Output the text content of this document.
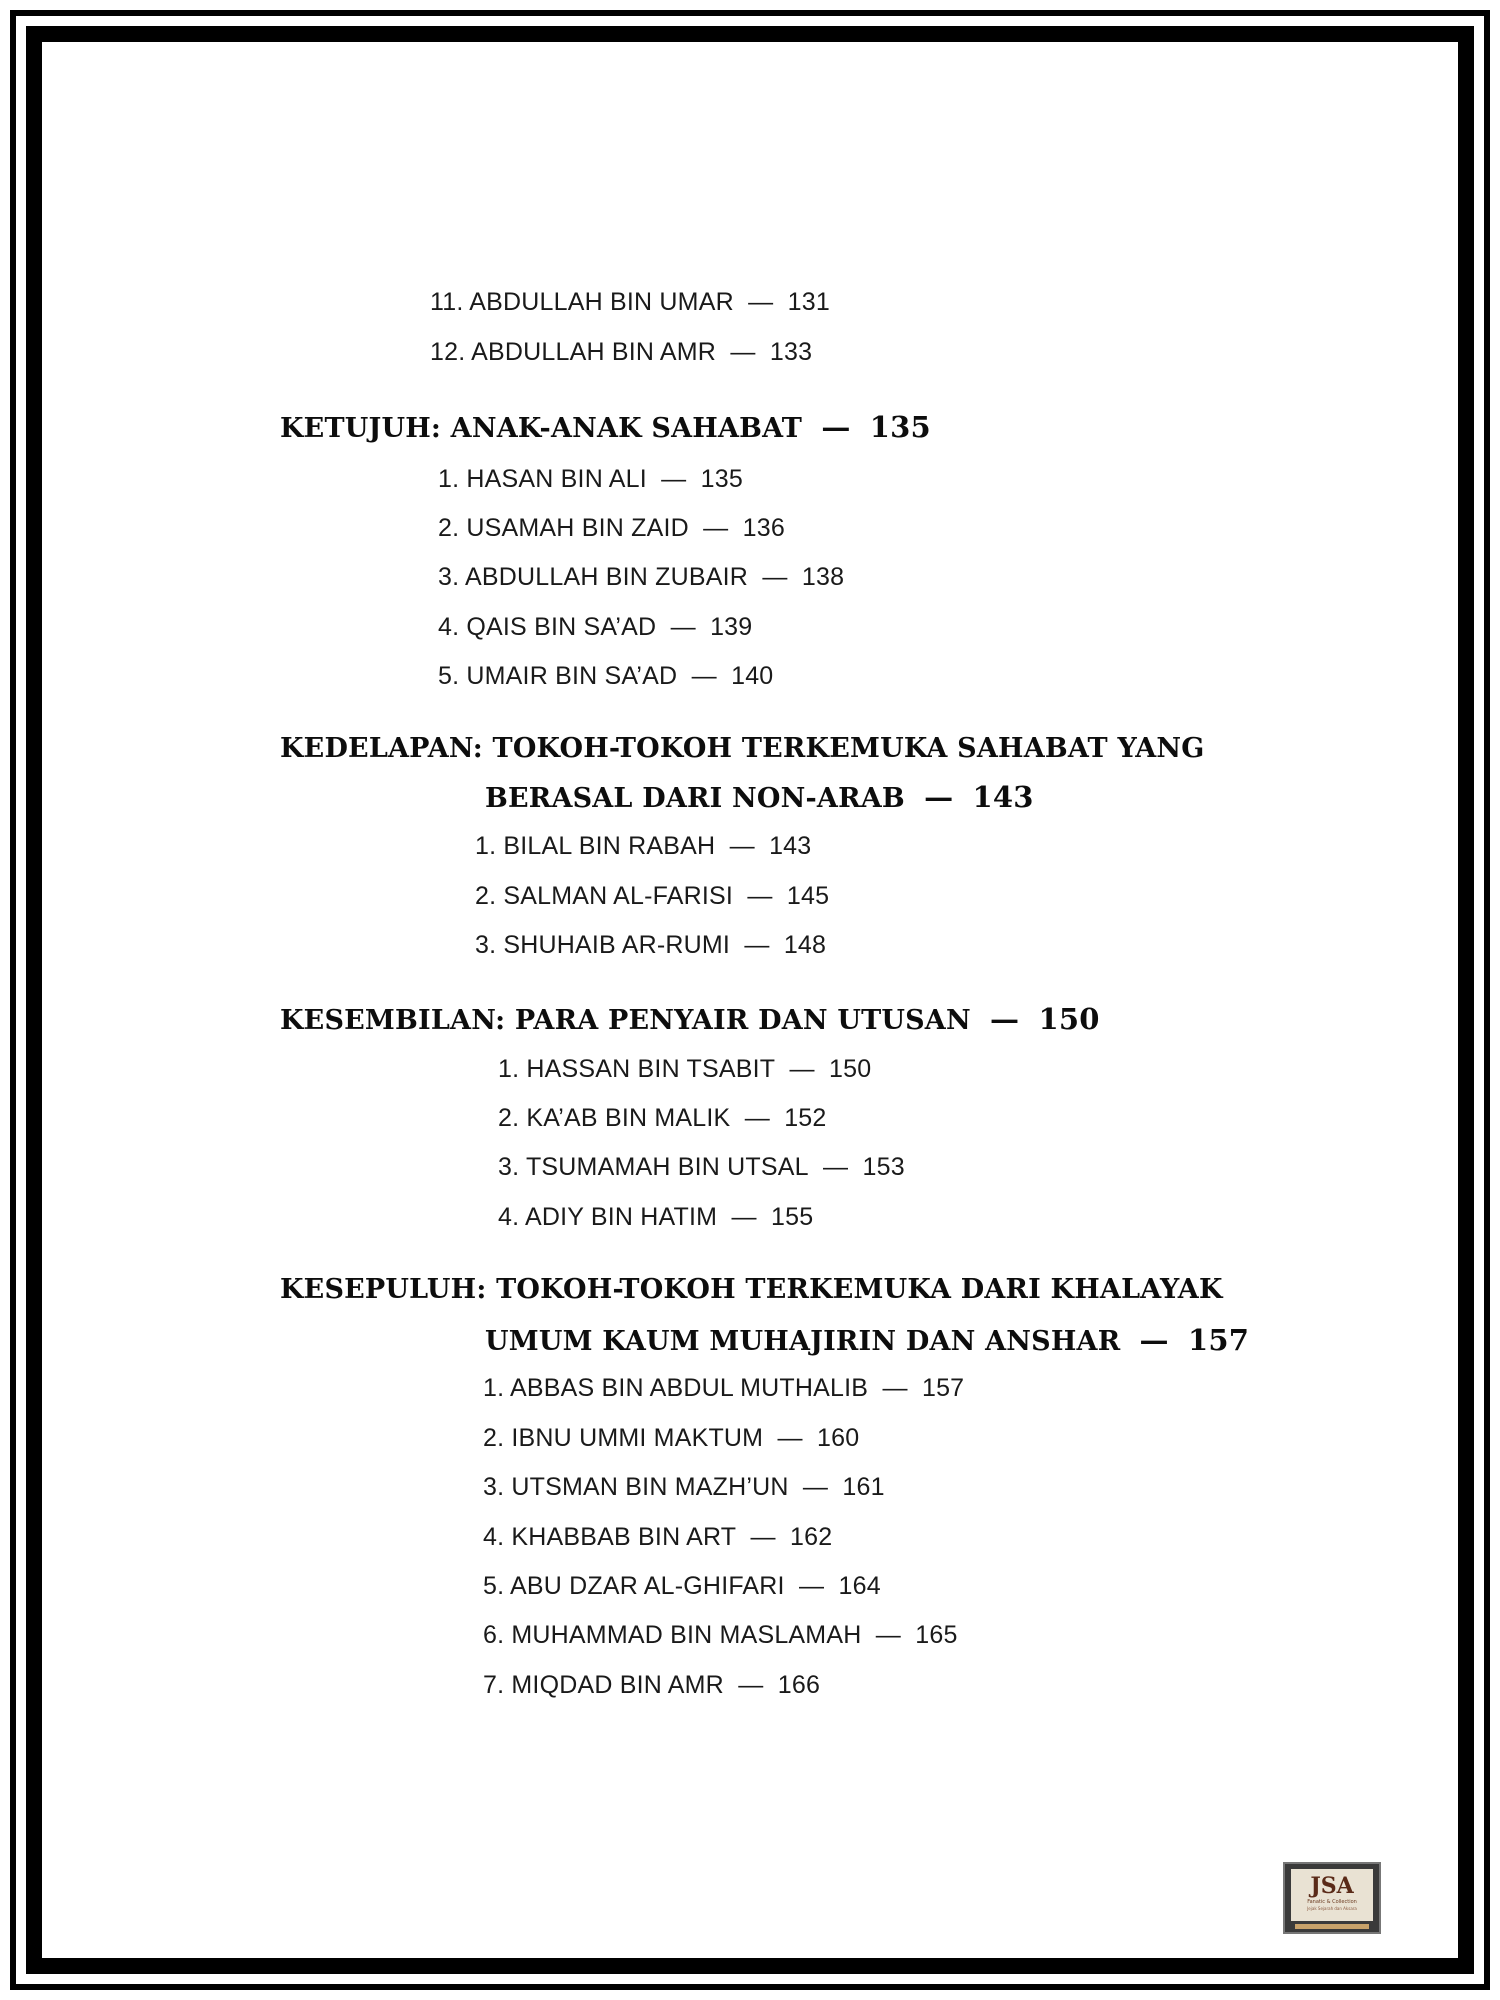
11. ABDULLAH BIN UMAR — 131
12. ABDULLAH BIN AMR — 133
KETUJUH: ANAK-ANAK SAHABAT — 135
1. HASAN BIN ALI — 135
2. USAMAH BIN ZAID — 136
3. ABDULLAH BIN ZUBAIR — 138
4. QAIS BIN SA’AD — 139
5. UMAIR BIN SA’AD — 140
KEDELAPAN: TOKOH-TOKOH TERKEMUKA SAHABAT YANG
BERASAL DARI NON-ARAB — 143
1. BILAL BIN RABAH — 143
2. SALMAN AL-FARISI — 145
3. SHUHAIB AR-RUMI — 148
KESEMBILAN: PARA PENYAIR DAN UTUSAN — 150
1. HASSAN BIN TSABIT — 150
2. KA’AB BIN MALIK — 152
3. TSUMAMAH BIN UTSAL — 153
4. ADIY BIN HATIM — 155
KESEPULUH: TOKOH-TOKOH TERKEMUKA DARI KHALAYAK
UMUM KAUM MUHAJIRIN DAN ANSHAR — 157
1. ABBAS BIN ABDUL MUTHALIB — 157
2. IBNU UMMI MAKTUM — 160
3. UTSMAN BIN MAZH’UN — 161
4. KHABBAB BIN ART — 162
5. ABU DZAR AL-GHIFARI — 164
6. MUHAMMAD BIN MASLAMAH — 165
7. MIQDAD BIN AMR — 166
JSA
Fanatic & Collection
Jejak Sejarah dan Aksara
